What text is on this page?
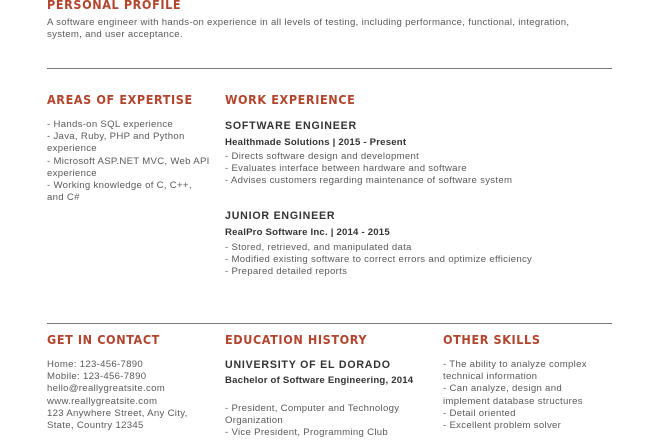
PERSONAL PROFILE
A software engineer with hands-on experience in all levels of testing, including performance, functional, integration, system, and user acceptance.
AREAS OF EXPERTISE
- Hands-on SQL experience
- Java, Ruby, PHP and Python experience
- Microsoft ASP.NET MVC, Web API experience
- Working knowledge of C, C++, and C#
WORK EXPERIENCE
SOFTWARE ENGINEER
Healthmade Solutions | 2015 - Present
- Directs software design and development
- Evaluates interface between hardware and software
- Advises customers regarding maintenance of software system
JUNIOR ENGINEER
RealPro Software Inc. | 2014 - 2015
- Stored, retrieved, and manipulated data
- Modified existing software to correct errors and optimize efficiency
- Prepared detailed reports
GET IN CONTACT
Home: 123-456-7890
Mobile: 123-456-7890
hello@reallygreatsite.com
www.reallygreatsite.com
123 Anywhere Street, Any City, State, Country 12345
EDUCATION HISTORY
UNIVERSITY OF EL DORADO
Bachelor of Software Engineering, 2014
- President, Computer and Technology Organization
- Vice President, Programming Club
OTHER SKILLS
- The ability to analyze complex technical information
- Can analyze, design and implement database structures
- Detail oriented
- Excellent problem solver
